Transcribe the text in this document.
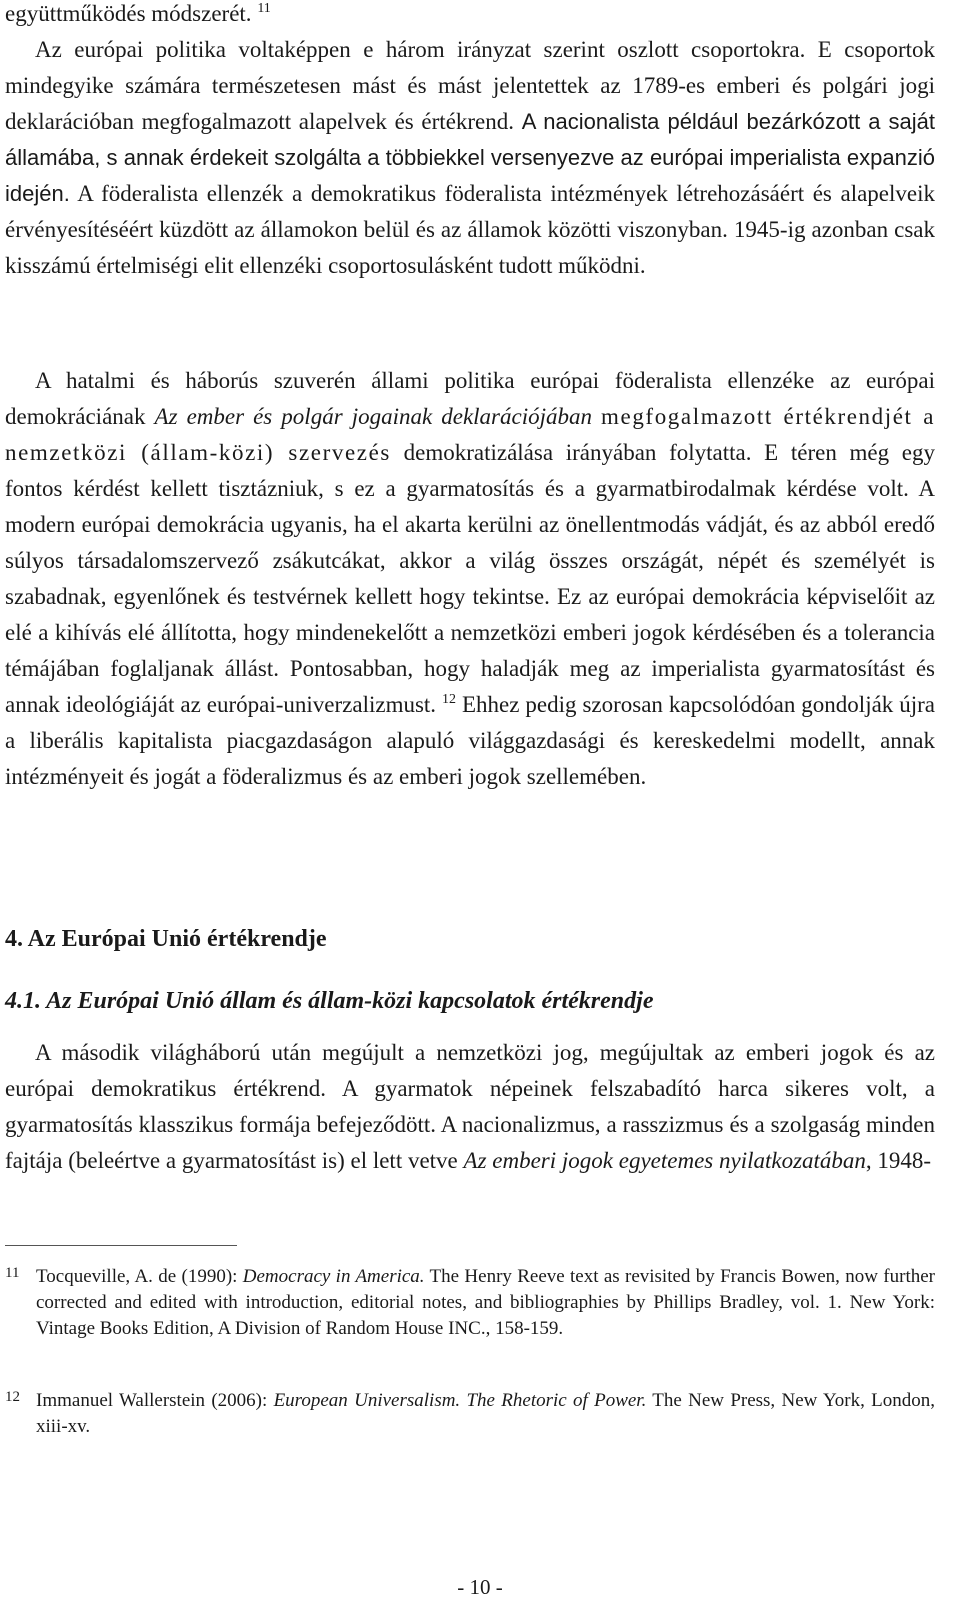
együttműködés módszerét. $^{11}$

Az európai politika voltaképpen e három irányzat szerint oszlott csoportokra. E csoportok mindegyike számára természetesen mást és mást jelentettek az 1789-es emberi és polgári jogi deklarációban megfogalmazott alapelvek és értékrend. A nacionalista például bezárkózott a saját államába, s annak érdekeit szolgálta a többiekkel versenyezve az európai imperialista expanzió idején. A föderalista ellenzék a demokratikus föderalista intézmények létrehozásáért és alapelveik érvényesítéséért küzdött az államokon belül és az államok közötti viszonyban. 1945-ig azonban csak kisszámú értelmiségi elit ellenzéki csoportosulásként tudott működni.

A hatalmi és háborús szuverén állami politika európai föderalista ellenzéke az európai demokráciának Az ember és polgár jogainak deklarációjában megfogalmazott értékrendjét a nemzetközi (állam-közi) szervezés demokratizálása irányában folytatta. E téren még egy fontos kérdést kellett tisztázniuk, s ez a gyarmatosítás és a gyarmatbirodalmak kérdése volt. A modern európai demokrácia ugyanis, ha el akarta kerülni az önellentmodás vádját, és az abból eredő súlyos társadalomszervező zsákutcákat, akkor a világ összes országát, népét és személyét is szabadnak, egyenlőnek és testvérnek kellett hogy tekintse. Ez az európai demokrácia képviselőit az elé a kihívás elé állította, hogy mindenekelőtt a nemzetközi emberi jogok kérdésében és a tolerancia témájában foglaljanak állást. Pontosabban, hogy haladják meg az imperialista gyarmatosítást és annak ideológiáját az európai-univerzalizmust. $^{12}$ Ehhez pedig szorosan kapcsolódóan gondolják újra a liberális kapitalista piacgazdaságon alapuló világgazdasági és kereskedelmi modellt, annak intézményeit és jogát a föderalizmus és az emberi jogok szellemében.

4. Az Európai Unió értékrendje
4.1. Az Európai Unió állam és állam-közi kapcsolatok értékrendje

A második világháború után megújult a nemzetközi jog, megújultak az emberi jogok és az európai demokratikus értékrend. A gyarmatok népeinek felszabadító harca sikeres volt, a gyarmatosítás klasszikus formája befejeződött. A nacionalizmus, a rasszizmus és a szolgaság minden fajtája (beleértve a gyarmatosítást is) el lett vetve Az emberi jogok egyetemes nyilatkozatában, 1948-

11 Tocqueville, A. de (1990): Democracy in America. The Henry Reeve text as revisited by Francis Bowen, now further corrected and edited with introduction, editorial notes, and bibliographies by Phillips Bradley, vol. 1. New York: Vintage Books Edition, A Division of Random House INC., 158-159.
12 Immanuel Wallerstein (2006): European Universalism. The Rhetoric of Power. The New Press, New York, London, xiii-xv.

- 10 -
